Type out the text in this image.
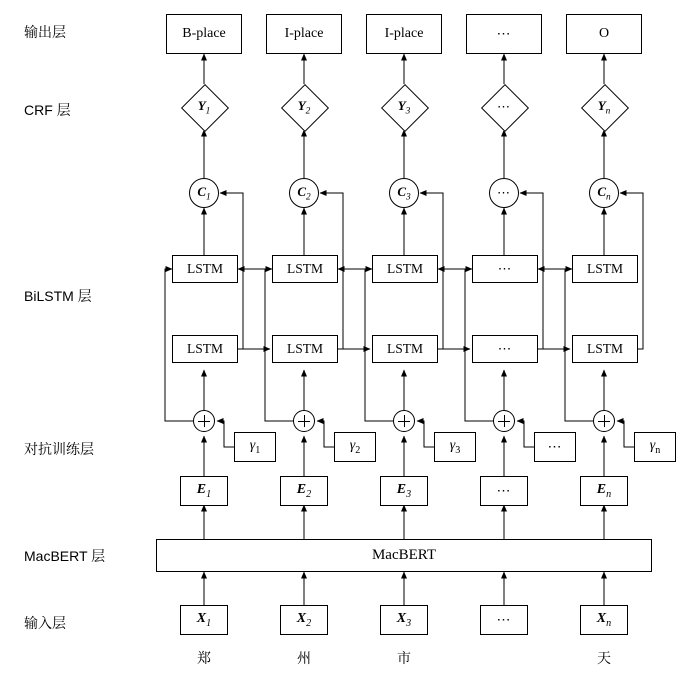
输出层
CRF 层
BiLSTM 层
对抗训练层
MacBERT 层
输入层
B-place	I-place	I-place	⋯	O
$Y_1$	$Y_2$	$Y_3$	⋯	$Y_n$
$C_1$	$C_2$	$C_3$	⋯	$C_n$
LSTM	LSTM	LSTM	⋯	LSTM
LSTM	LSTM	LSTM	⋯	LSTM
$\gamma_1$	$\gamma_2$	$\gamma_3$	⋯	$\gamma_n$
$E_1$	$E_2$	$E_3$	⋯	$E_n$
MacBERT
$X_1$	$X_2$	$X_3$	⋯	$X_n$
郑	州	市	天
